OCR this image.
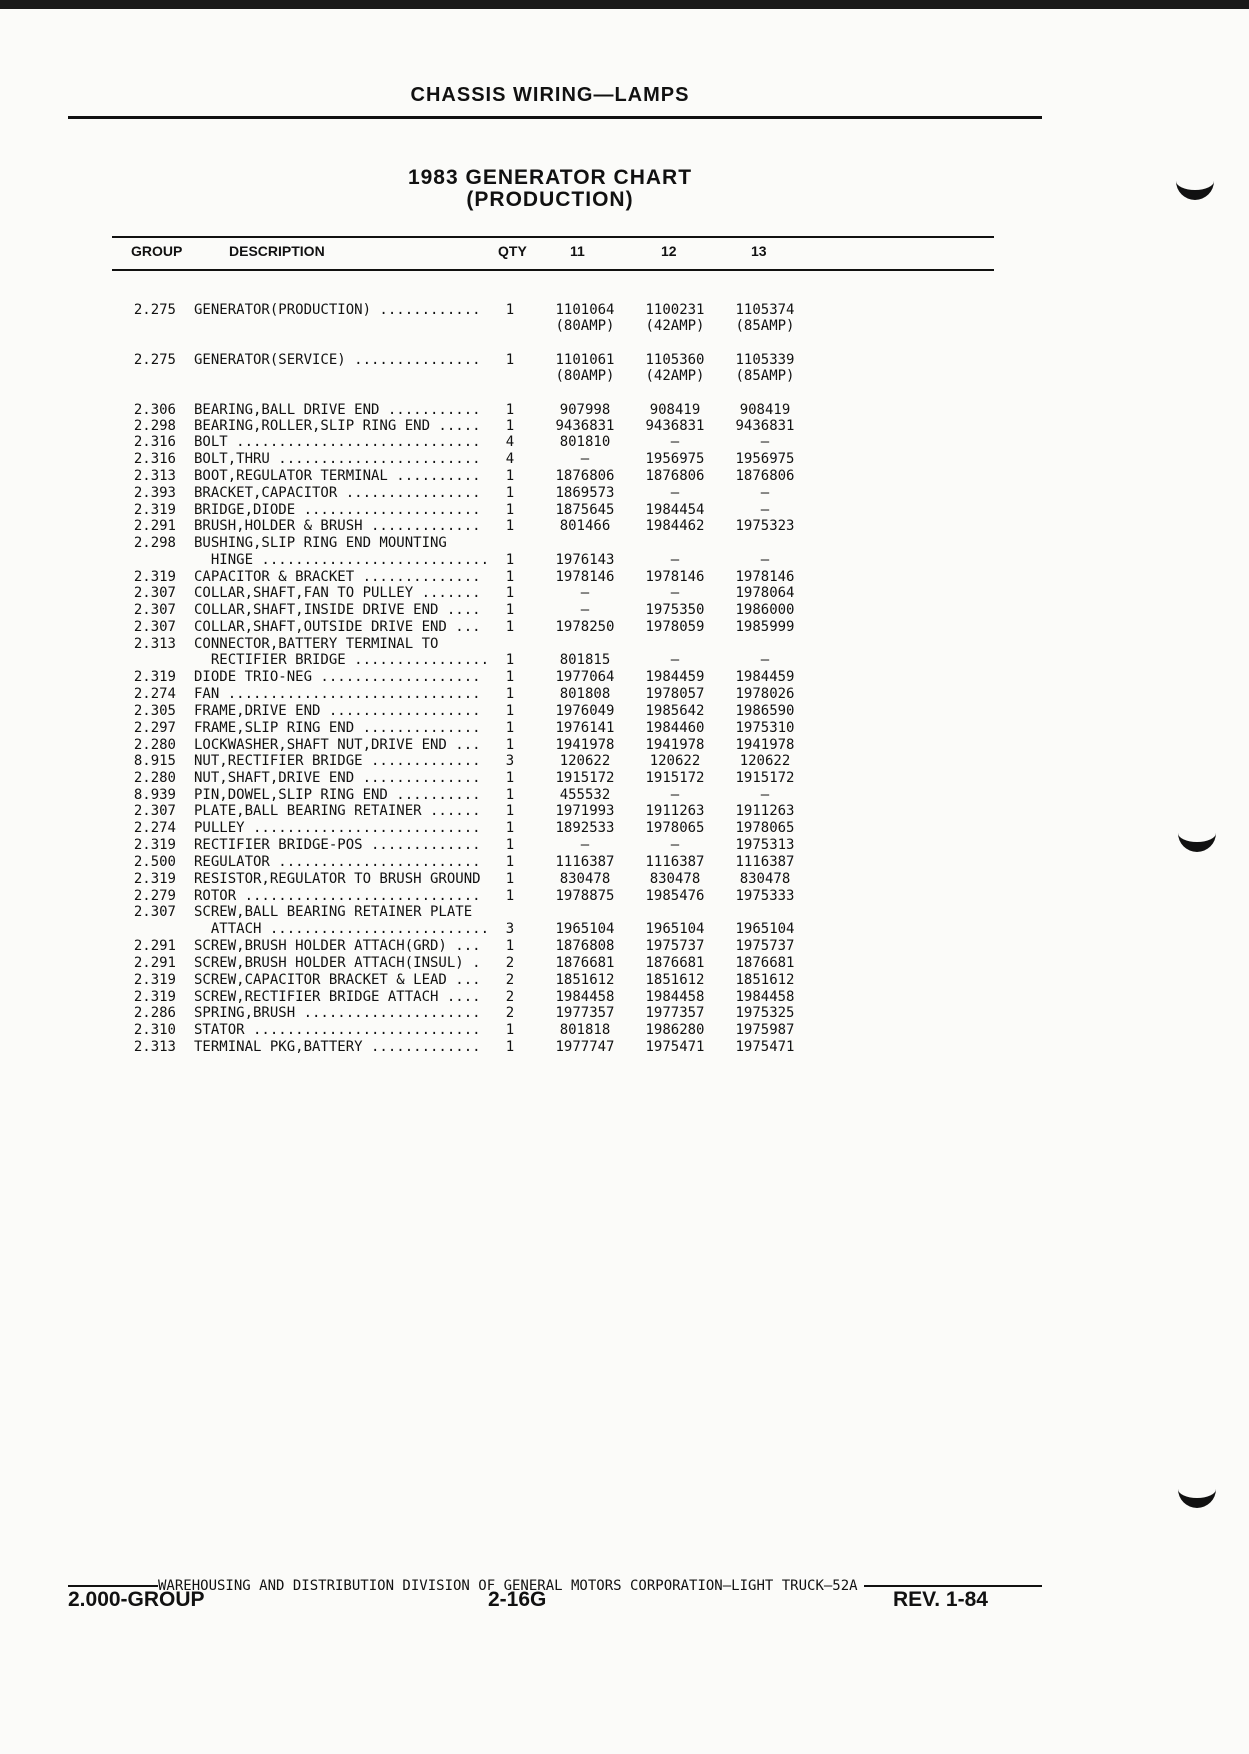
CHASSIS WIRING—LAMPS
1983 GENERATOR CHART
(PRODUCTION)
GROUP	DESCRIPTION	QTY	11	12	13
2.275 GENERATOR(PRODUCTION) ............	1	1101064	1100231	1105374
(80AMP)	(42AMP)	(85AMP)
2.275 GENERATOR(SERVICE) ...............	1	1101061	1105360	1105339
(80AMP)	(42AMP)	(85AMP)
2.306 BEARING,BALL DRIVE END ...........	1	907998	908419	908419
2.298 BEARING,ROLLER,SLIP RING END .....	1	9436831	9436831	9436831
2.316 BOLT .............................	4	801810	—	—
2.316 BOLT,THRU ........................	4	—	1956975	1956975
2.313 BOOT,REGULATOR TERMINAL ..........	1	1876806	1876806	1876806
2.393 BRACKET,CAPACITOR ................	1	1869573	—	—
2.319 BRIDGE,DIODE .....................	1	1875645	1984454	—
2.291 BRUSH,HOLDER & BRUSH .............	1	801466	1984462	1975323
2.298 BUSHING,SLIP RING END MOUNTING
HINGE ...........................	1	1976143	—	—
2.319 CAPACITOR & BRACKET ..............	1	1978146	1978146	1978146
2.307 COLLAR,SHAFT,FAN TO PULLEY .......	1	—	—	1978064
2.307 COLLAR,SHAFT,INSIDE DRIVE END ....	1	—	1975350	1986000
2.307 COLLAR,SHAFT,OUTSIDE DRIVE END ...	1	1978250	1978059	1985999
2.313 CONNECTOR,BATTERY TERMINAL TO
RECTIFIER BRIDGE ................	1	801815	—	—
2.319 DIODE TRIO-NEG ...................	1	1977064	1984459	1984459
2.274 FAN ..............................	1	801808	1978057	1978026
2.305 FRAME,DRIVE END ..................	1	1976049	1985642	1986590
2.297 FRAME,SLIP RING END ..............	1	1976141	1984460	1975310
2.280 LOCKWASHER,SHAFT NUT,DRIVE END ...	1	1941978	1941978	1941978
8.915 NUT,RECTIFIER BRIDGE .............	3	120622	120622	120622
2.280 NUT,SHAFT,DRIVE END ..............	1	1915172	1915172	1915172
8.939 PIN,DOWEL,SLIP RING END ..........	1	455532	—	—
2.307 PLATE,BALL BEARING RETAINER ......	1	1971993	1911263	1911263
2.274 PULLEY ...........................	1	1892533	1978065	1978065
2.319 RECTIFIER BRIDGE-POS .............	1	—	—	1975313
2.500 REGULATOR ........................	1	1116387	1116387	1116387
2.319 RESISTOR,REGULATOR TO BRUSH GROUND	1	830478	830478	830478
2.279 ROTOR ............................	1	1978875	1985476	1975333
2.307 SCREW,BALL BEARING RETAINER PLATE
ATTACH ..........................	3	1965104	1965104	1965104
2.291 SCREW,BRUSH HOLDER ATTACH(GRD) ...	1	1876808	1975737	1975737
2.291 SCREW,BRUSH HOLDER ATTACH(INSUL) .	2	1876681	1876681	1876681
2.319 SCREW,CAPACITOR BRACKET & LEAD ...	2	1851612	1851612	1851612
2.319 SCREW,RECTIFIER BRIDGE ATTACH ....	2	1984458	1984458	1984458
2.286 SPRING,BRUSH .....................	2	1977357	1977357	1975325
2.310 STATOR ...........................	1	801818	1986280	1975987
2.313 TERMINAL PKG,BATTERY .............	1	1977747	1975471	1975471
WAREHOUSING AND DISTRIBUTION DIVISION OF GENERAL MOTORS CORPORATION—LIGHT TRUCK—52A
2.000-GROUP	2-16G	REV. 1-84
